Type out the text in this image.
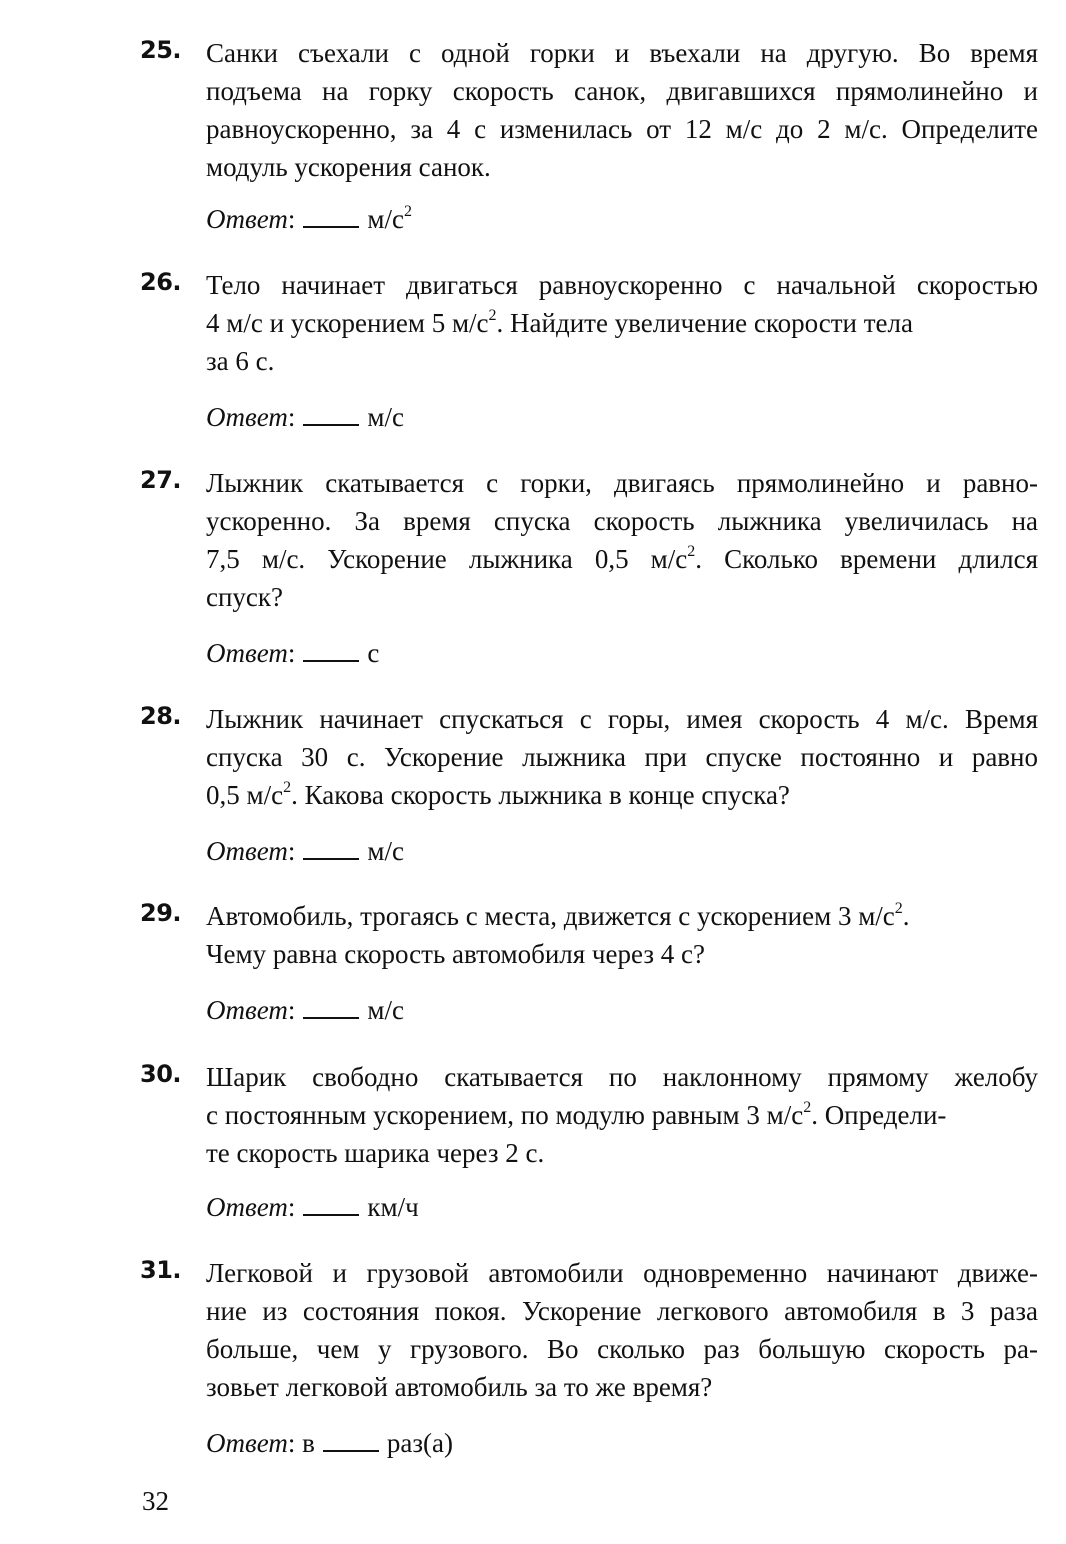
25. Санки съехали с одной горки и въехали на другую. Во время
подъема на горку скорость санок, двигавшихся прямолинейно и
равноускоренно, за 4 с изменилась от 12 м/с до 2 м/с. Определите
модуль ускорения санок.
Ответ:	$м/с^2$
26. Тело начинает двигаться равноускоренно с начальной скоростью
4 м/с и ускорением 5 $м/с^2$. Найдите увеличение скорости тела
за 6 с.
Ответ:	м/с
27. Лыжник скатывается с горки, двигаясь прямолинейно и равно-
ускоренно. За время спуска скорость лыжника увеличилась на
7,5 м/с. Ускорение лыжника 0,5 $м/с^2$. Сколько времени длился
спуск?
Ответ:	с
28. Лыжник начинает спускаться с горы, имея скорость 4 м/с. Время
спуска 30 с. Ускорение лыжника при спуске постоянно и равно
0,5 $м/с^2$. Какова скорость лыжника в конце спуска?
Ответ:	м/с
29. Автомобиль, трогаясь с места, движется с ускорением 3 $м/с^2$.
Чему равна скорость автомобиля через 4 с?
Ответ:	м/с
30. Шарик свободно скатывается по наклонному прямому желобу
с постоянным ускорением, по модулю равным 3 $м/с^2$. Определи-
те скорость шарика через 2 с.
Ответ:	км/ч
31. Легковой и грузовой автомобили одновременно начинают движе-
ние из состояния покоя. Ускорение легкового автомобиля в 3 раза
больше, чем у грузового. Во сколько раз большую скорость ра-
зовьет легковой автомобиль за то же время?
Ответ: в	раз(а)
32
